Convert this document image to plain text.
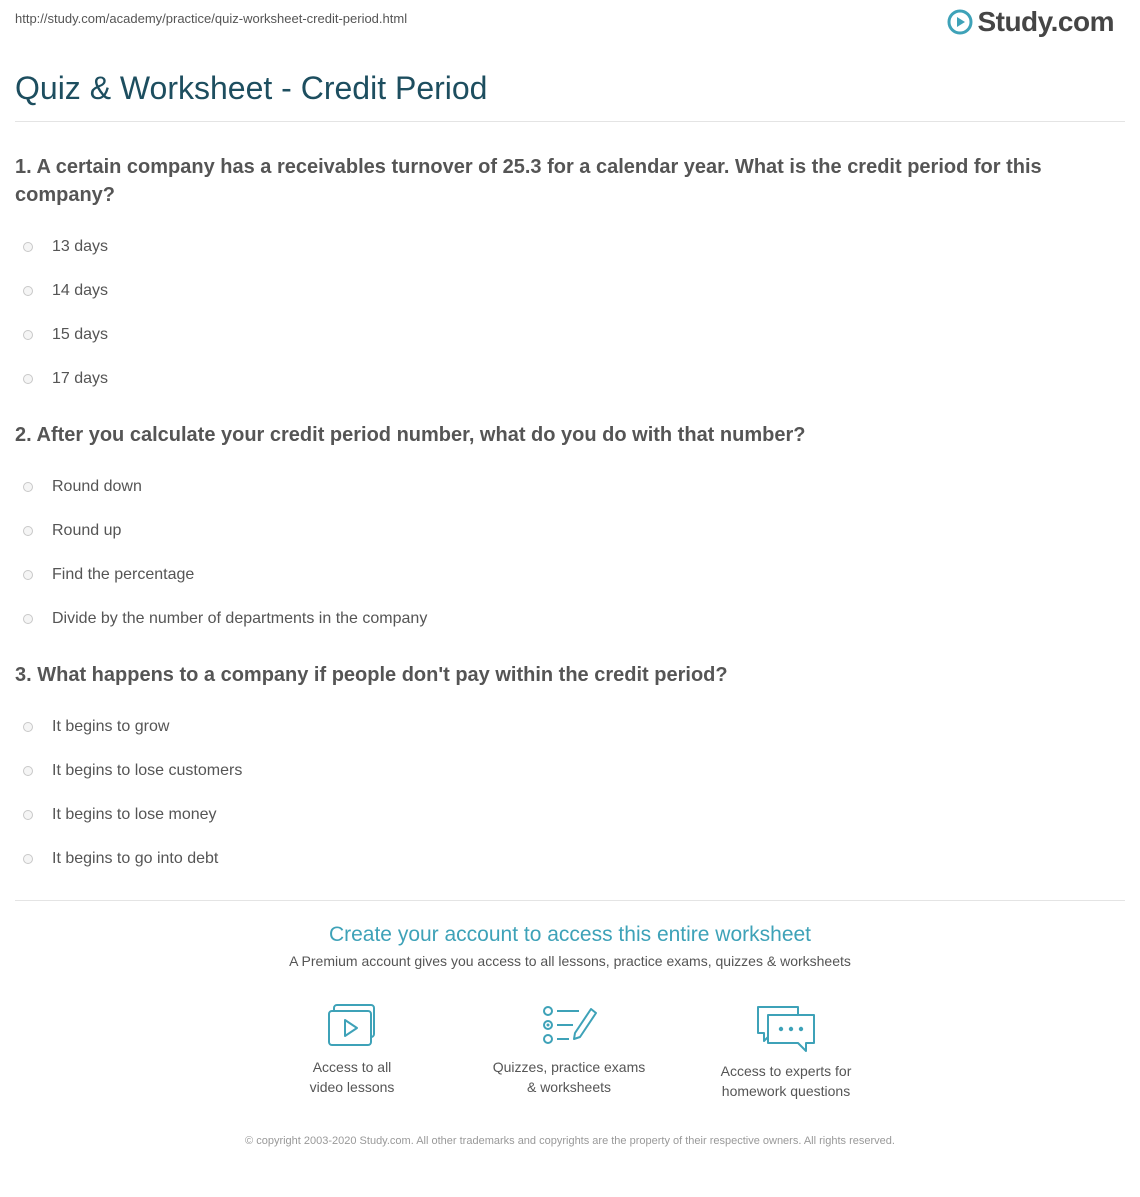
http://study.com/academy/practice/quiz-worksheet-credit-period.html	Study.com
Quiz & Worksheet - Credit Period

1. A certain company has a receivables turnover of 25.3 for a calendar year. What is the credit period for this company?

13 days
14 days
15 days
17 days

2. After you calculate your credit period number, what do you do with that number?

Round down
Round up
Find the percentage
Divide by the number of departments in the company

3. What happens to a company if people don't pay within the credit period?

It begins to grow
It begins to lose customers
It begins to lose money
It begins to go into debt
Create your account to access this entire worksheet

A Premium account gives you access to all lessons, practice exams, quizzes & worksheets

Access to all
video lessons
Quizzes, practice exams
& worksheets
Access to experts for
homework questions

© copyright 2003-2020 Study.com. All other trademarks and copyrights are the property of their respective owners. All rights reserved.
